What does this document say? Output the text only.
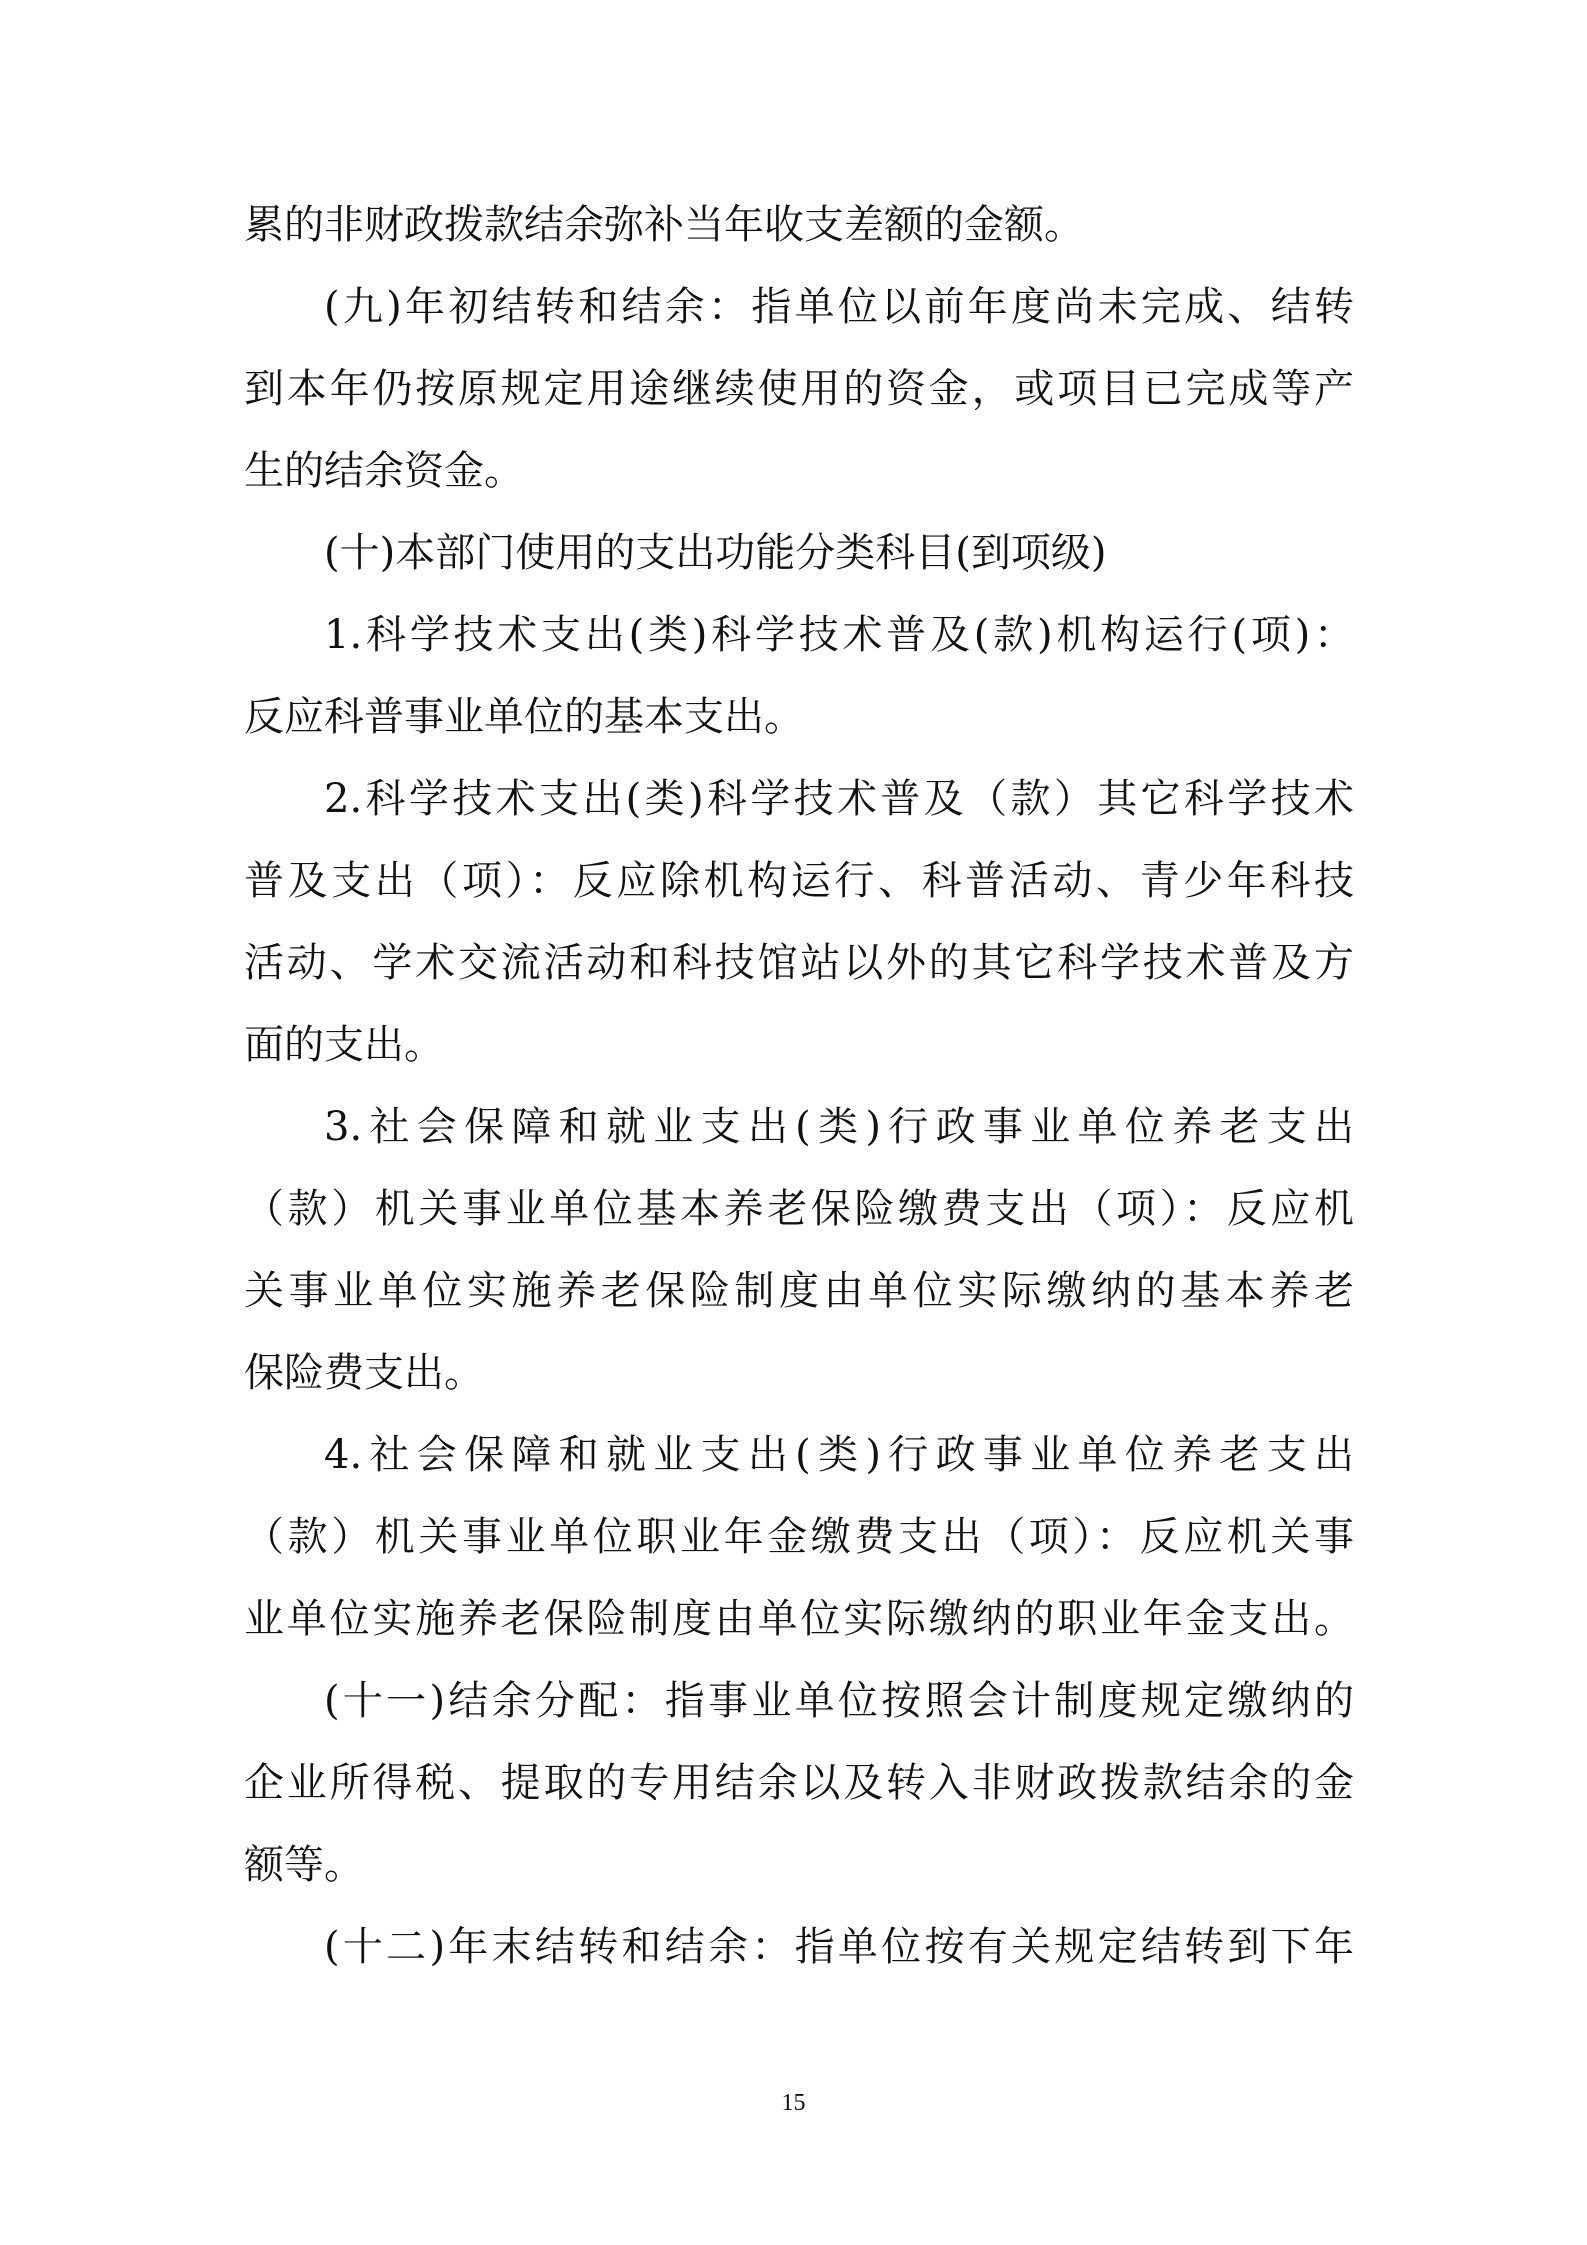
累的非财政拨款结余弥补当年收支差额的金额。
(九)年初结转和结余：指单位以前年度尚未完成、结转
到本年仍按原规定用途继续使用的资金，或项目已完成等产
生的结余资金。
(十)本部门使用的支出功能分类科目(到项级)
1.科学技术支出(类)科学技术普及(款)机构运行(项)：
反应科普事业单位的基本支出。
2.科学技术支出(类)科学技术普及（款）其它科学技术
普及支出（项）：反应除机构运行、科普活动、青少年科技
活动、学术交流活动和科技馆站以外的其它科学技术普及方
面的支出。
3.社会保障和就业支出(类)行政事业单位养老支出
（款）机关事业单位基本养老保险缴费支出（项）：反应机
关事业单位实施养老保险制度由单位实际缴纳的基本养老
保险费支出。
4.社会保障和就业支出(类)行政事业单位养老支出
（款）机关事业单位职业年金缴费支出（项）：反应机关事
业单位实施养老保险制度由单位实际缴纳的职业年金支出。
(十一)结余分配：指事业单位按照会计制度规定缴纳的
企业所得税、提取的专用结余以及转入非财政拨款结余的金
额等。
(十二)年末结转和结余：指单位按有关规定结转到下年
15
